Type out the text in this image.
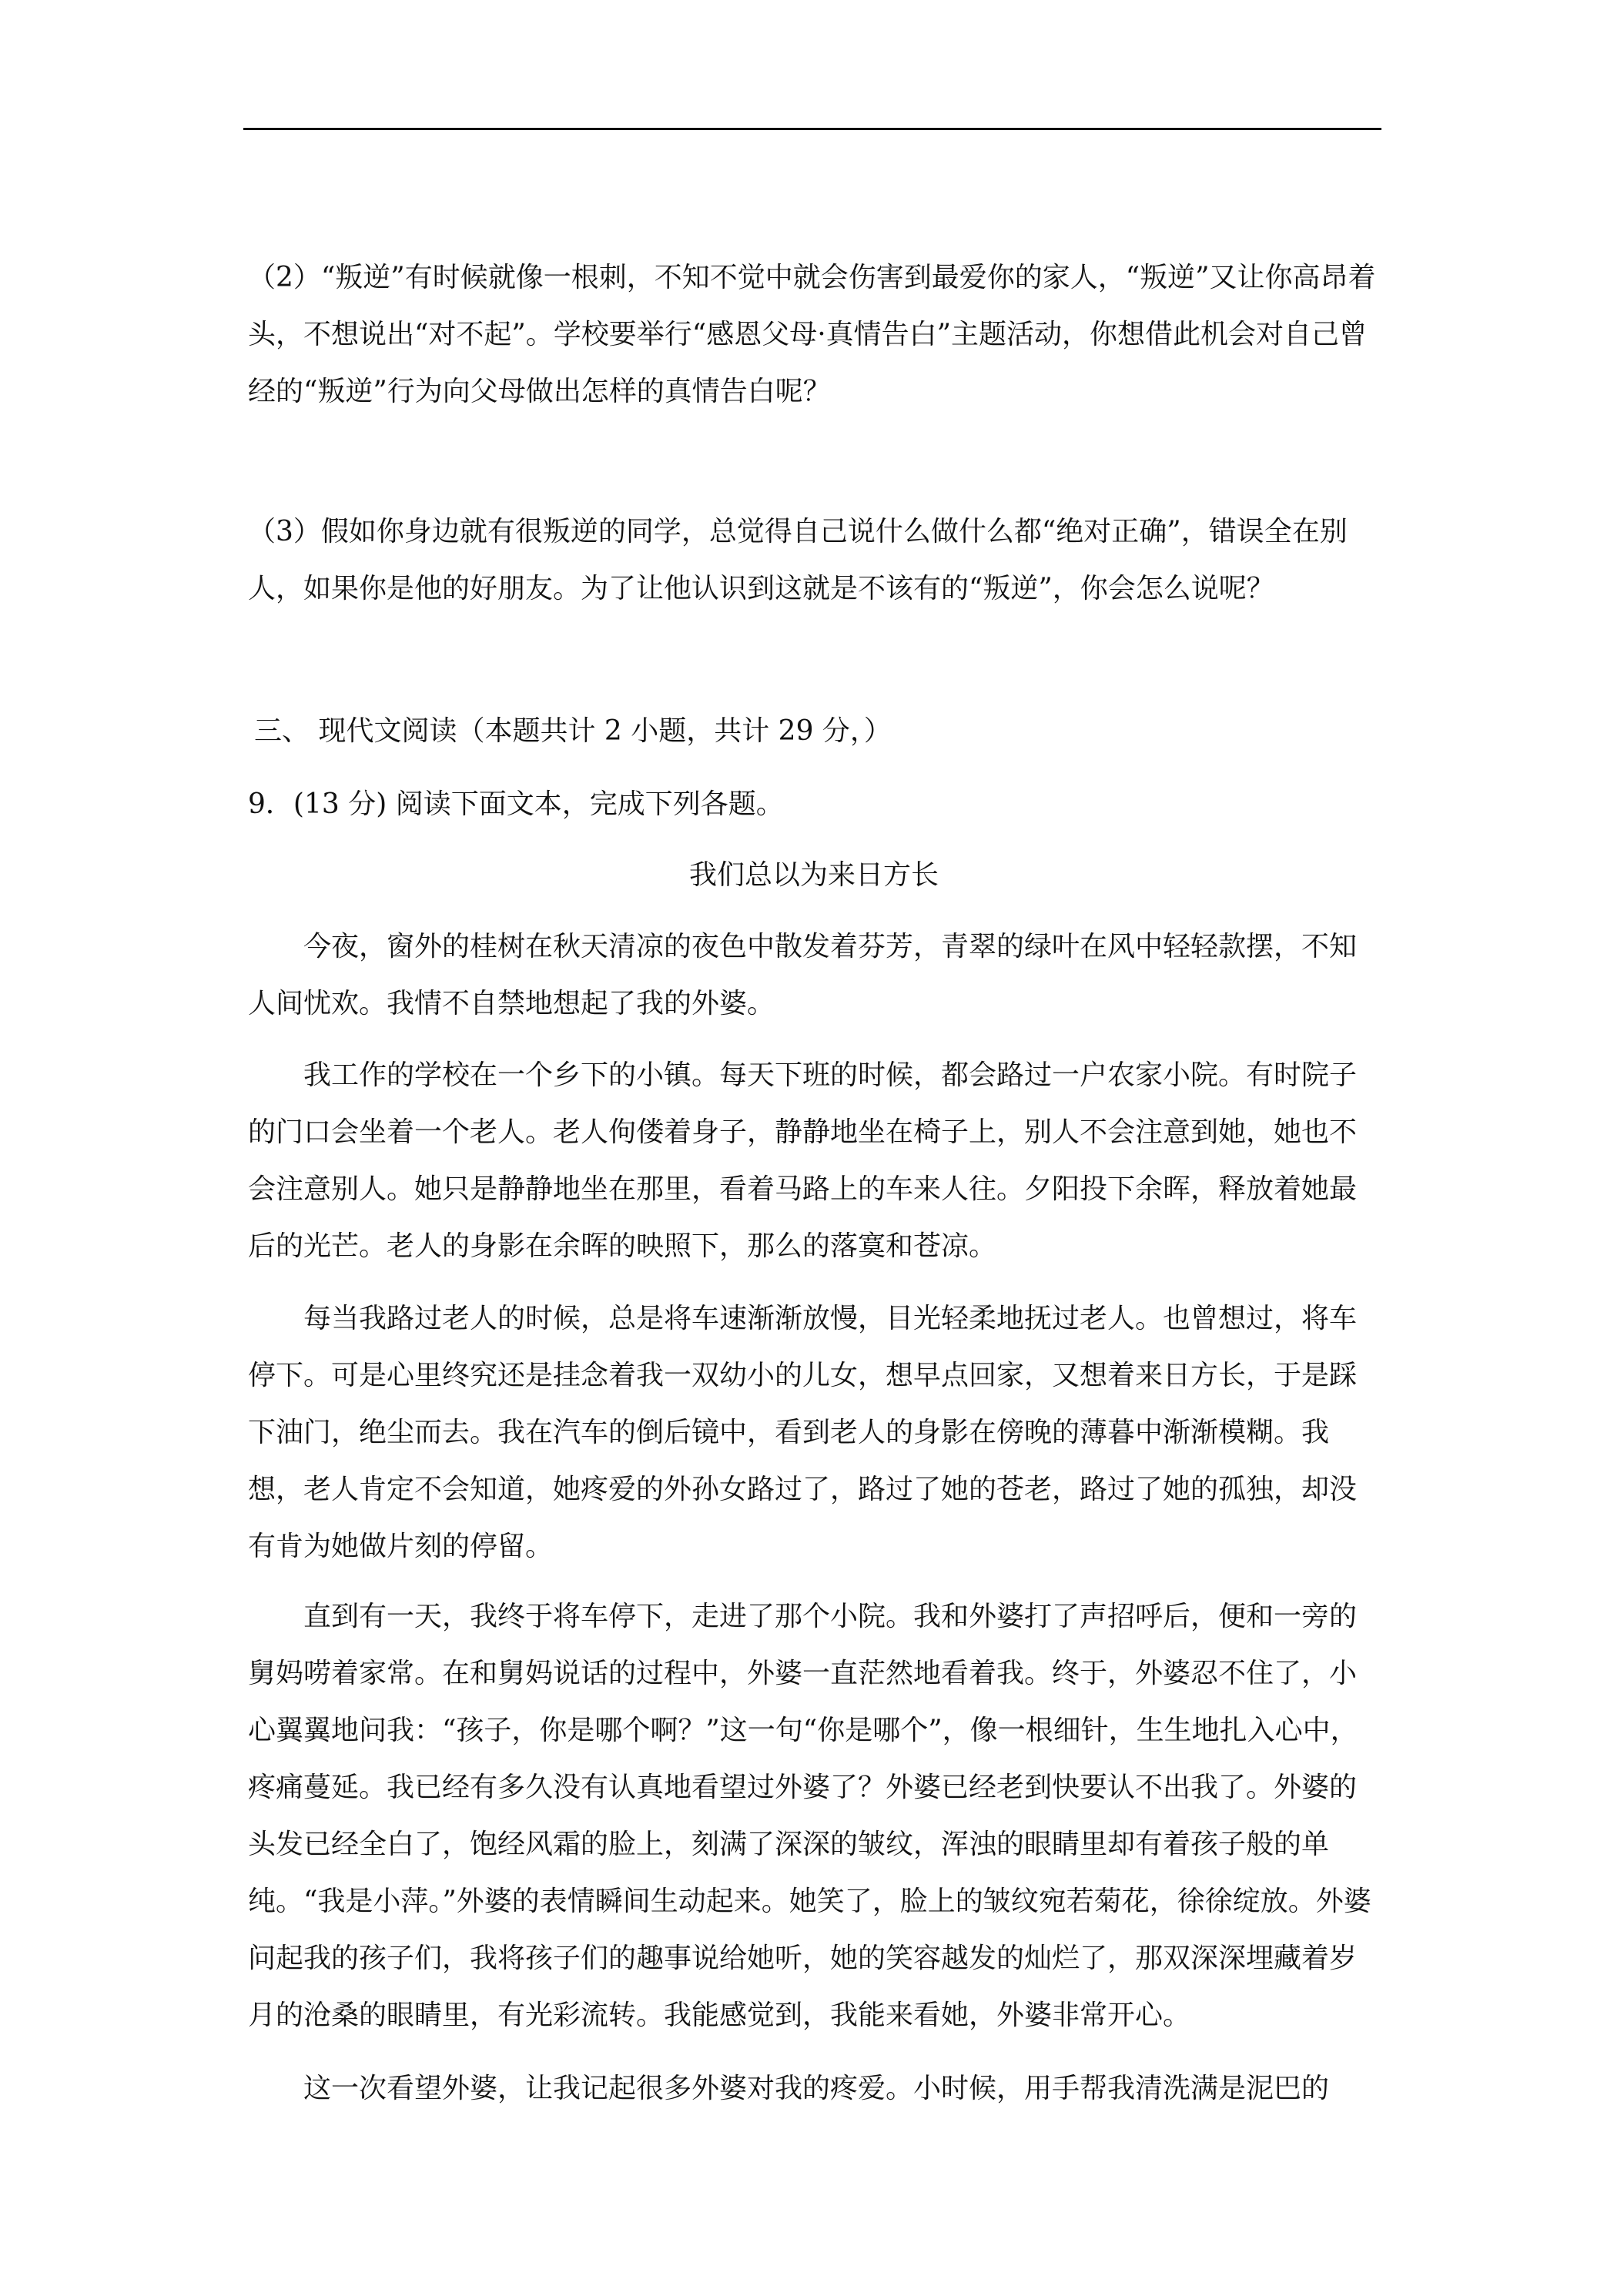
（2）“叛逆”有时候就像一根刺，不知不觉中就会伤害到最爱你的家人，“叛逆”又让你高昂着头，不想说出“对不起”。学校要举行“感恩父母·真情告白”主题活动，你想借此机会对自己曾经的“叛逆”行为向父母做出怎样的真情告白呢？

（3）假如你身边就有很叛逆的同学，总觉得自己说什么做什么都“绝对正确”，错误全在别人，如果你是他的好朋友。为了让他认识到这就是不该有的“叛逆”，你会怎么说呢？

三、 现代文阅读（本题共计 2 小题，共计 29 分，）

9．(13 分) 阅读下面文本，完成下列各题。

我们总以为来日方长

今夜，窗外的桂树在秋天清凉的夜色中散发着芬芳，青翠的绿叶在风中轻轻款摆，不知人间忧欢。我情不自禁地想起了我的外婆。

我工作的学校在一个乡下的小镇。每天下班的时候，都会路过一户农家小院。有时院子的门口会坐着一个老人。老人佝偻着身子，静静地坐在椅子上，别人不会注意到她，她也不会注意别人。她只是静静地坐在那里，看着马路上的车来人往。夕阳投下余晖，释放着她最后的光芒。老人的身影在余晖的映照下，那么的落寞和苍凉。

每当我路过老人的时候，总是将车速渐渐放慢，目光轻柔地抚过老人。也曾想过，将车停下。可是心里终究还是挂念着我一双幼小的儿女，想早点回家，又想着来日方长，于是踩下油门，绝尘而去。我在汽车的倒后镜中，看到老人的身影在傍晚的薄暮中渐渐模糊。我想，老人肯定不会知道，她疼爱的外孙女路过了，路过了她的苍老，路过了她的孤独，却没有肯为她做片刻的停留。

直到有一天，我终于将车停下，走进了那个小院。我和外婆打了声招呼后，便和一旁的舅妈唠着家常。在和舅妈说话的过程中，外婆一直茫然地看着我。终于，外婆忍不住了，小心翼翼地问我：“孩子，你是哪个啊？”这一句“你是哪个”，像一根细针，生生地扎入心中，疼痛蔓延。我已经有多久没有认真地看望过外婆了？外婆已经老到快要认不出我了。外婆的头发已经全白了，饱经风霜的脸上，刻满了深深的皱纹，浑浊的眼睛里却有着孩子般的单纯。“我是小萍。”外婆的表情瞬间生动起来。她笑了，脸上的皱纹宛若菊花，徐徐绽放。外婆问起我的孩子们，我将孩子们的趣事说给她听，她的笑容越发的灿烂了，那双深深埋藏着岁月的沧桑的眼睛里，有光彩流转。我能感觉到，我能来看她，外婆非常开心。

这一次看望外婆，让我记起很多外婆对我的疼爱。小时候，用手帮我清洗满是泥巴的
